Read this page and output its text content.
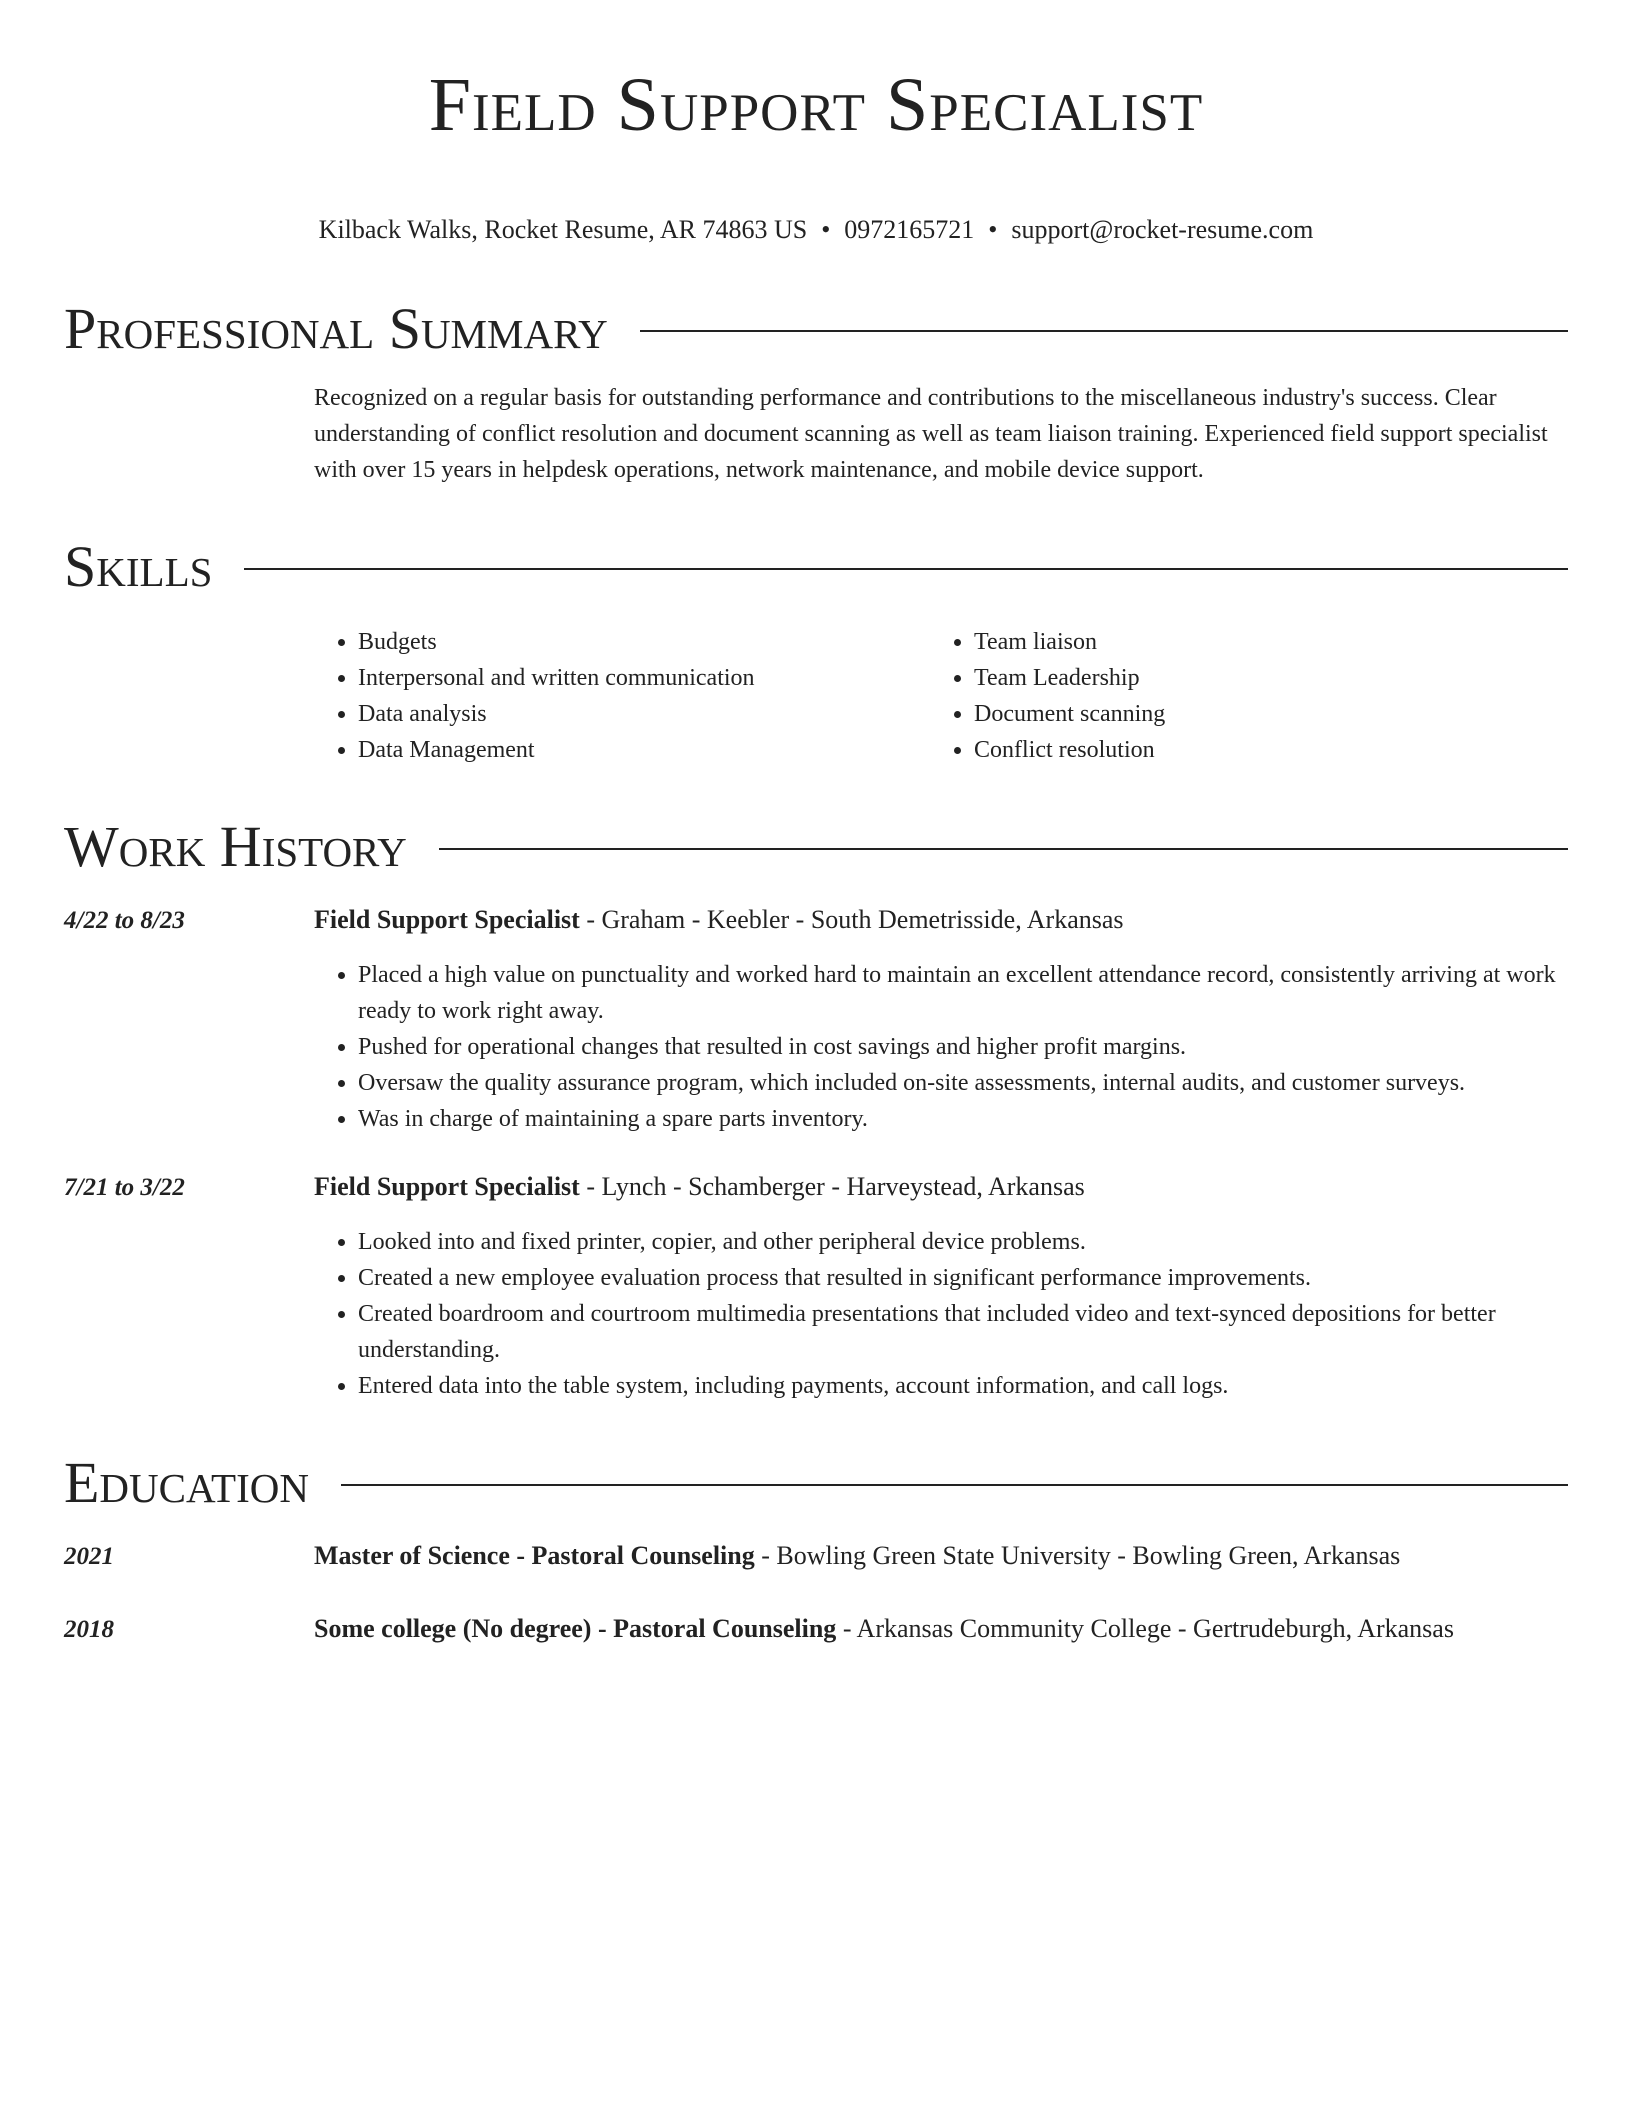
Field Support Specialist
Kilback Walks, Rocket Resume, AR 74863 US • 0972165721 • support@rocket-resume.com
Professional Summary
Recognized on a regular basis for outstanding performance and contributions to the miscellaneous industry's success. Clear understanding of conflict resolution and document scanning as well as team liaison training. Experienced field support specialist with over 15 years in helpdesk operations, network maintenance, and mobile device support.
Skills
• Budgets
• Interpersonal and written communication
• Data analysis
• Data Management
• Team liaison
• Team Leadership
• Document scanning
• Conflict resolution
Work History
4/22 to 8/23	Field Support Specialist - Graham - Keebler - South Demetrisside, Arkansas
• Placed a high value on punctuality and worked hard to maintain an excellent attendance record, consistently arriving at work ready to work right away.
• Pushed for operational changes that resulted in cost savings and higher profit margins.
• Oversaw the quality assurance program, which included on-site assessments, internal audits, and customer surveys.
• Was in charge of maintaining a spare parts inventory.
7/21 to 3/22	Field Support Specialist - Lynch - Schamberger - Harveystead, Arkansas
• Looked into and fixed printer, copier, and other peripheral device problems.
• Created a new employee evaluation process that resulted in significant performance improvements.
• Created boardroom and courtroom multimedia presentations that included video and text-synced depositions for better understanding.
• Entered data into the table system, including payments, account information, and call logs.
Education
2021	Master of Science - Pastoral Counseling - Bowling Green State University - Bowling Green, Arkansas
2018	Some college (No degree) - Pastoral Counseling - Arkansas Community College - Gertrudeburgh, Arkansas
